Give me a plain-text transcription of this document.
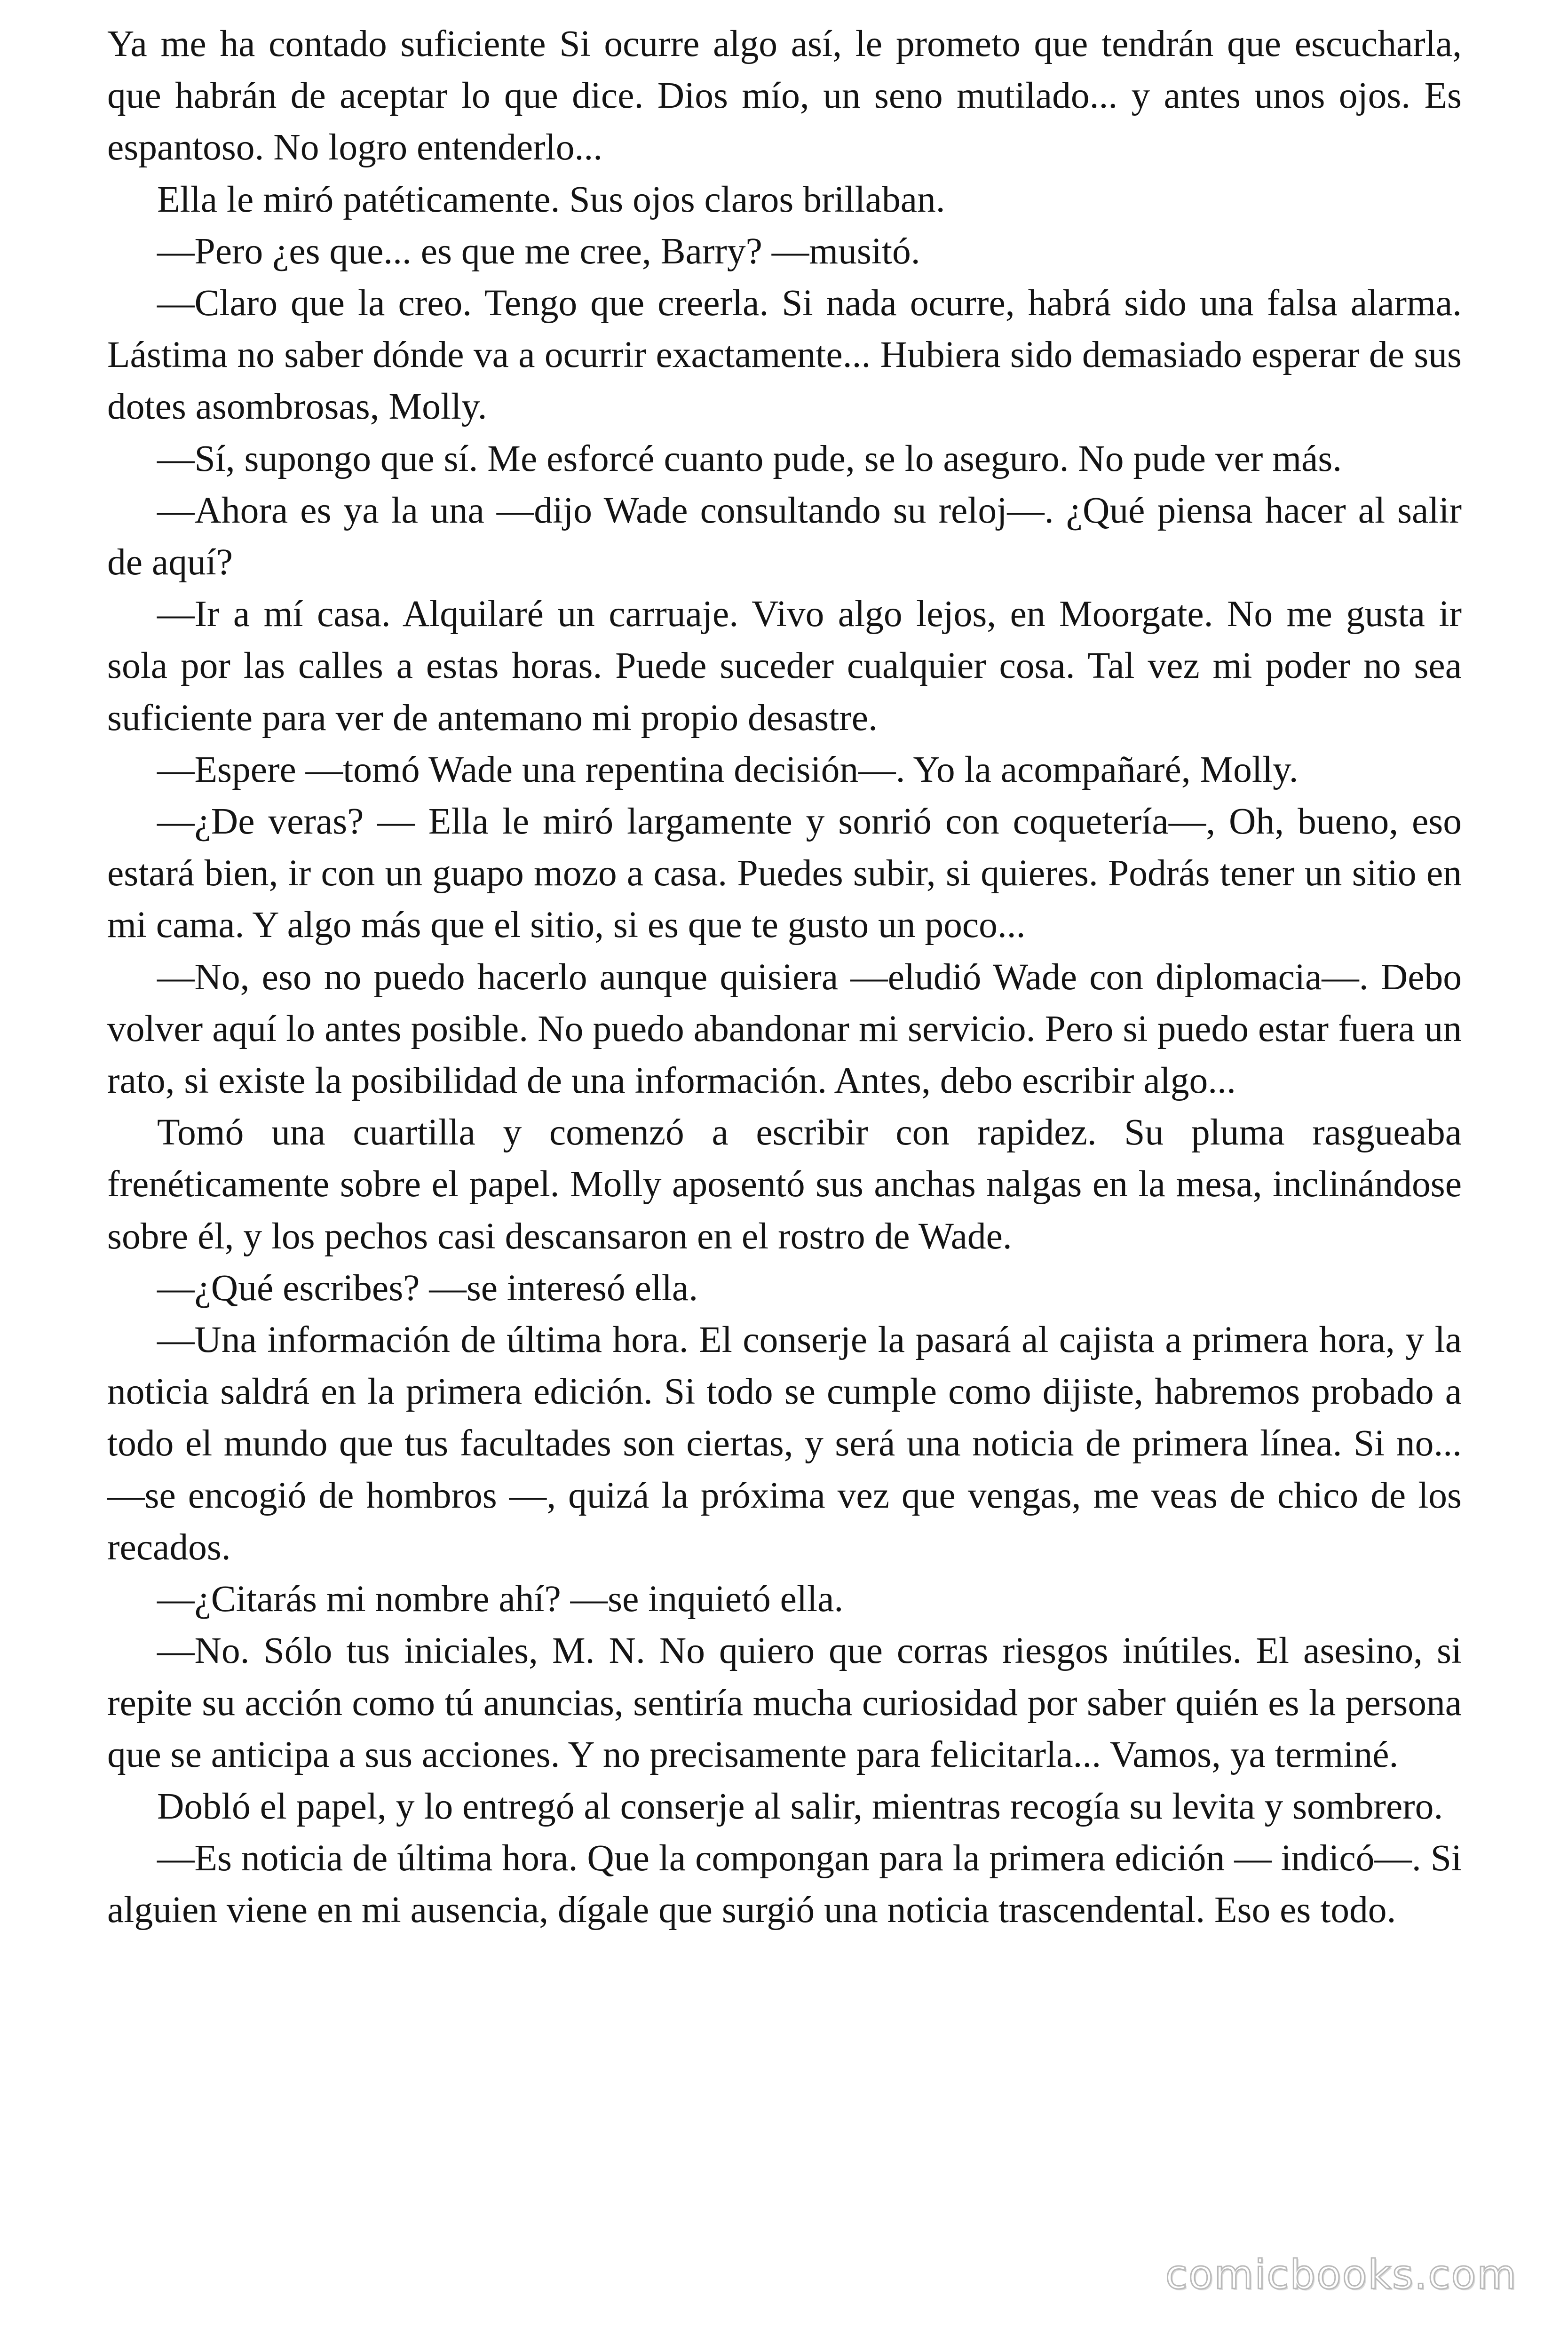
Ya me ha contado suficiente Si ocurre algo así, le prometo que tendrán que escucharla, que habrán de aceptar lo que dice. Dios mío, un seno mutilado... y antes unos ojos. Es espantoso. No logro entenderlo...

Ella le miró patéticamente. Sus ojos claros brillaban.

—Pero ¿es que... es que me cree, Barry? —musitó.

—Claro que la creo. Tengo que creerla. Si nada ocurre, habrá sido una falsa alarma. Lástima no saber dónde va a ocurrir exactamente... Hubiera sido demasiado esperar de sus dotes asombrosas, Molly.

—Sí, supongo que sí. Me esforcé cuanto pude, se lo aseguro. No pude ver más.

—Ahora es ya la una —dijo Wade consultando su reloj—. ¿Qué piensa hacer al salir de aquí?

—Ir a mí casa. Alquilaré un carruaje. Vivo algo lejos, en Moorgate. No me gusta ir sola por las calles a estas horas. Puede suceder cualquier cosa. Tal vez mi poder no sea suficiente para ver de antemano mi propio desastre.

—Espere —tomó Wade una repentina decisión—. Yo la acompañaré, Molly.

—¿De veras? — Ella le miró largamente y sonrió con coquetería—, Oh, bueno, eso estará bien, ir con un guapo mozo a casa. Puedes subir, si quieres. Podrás tener un sitio en mi cama. Y algo más que el sitio, si es que te gusto un poco...

—No, eso no puedo hacerlo aunque quisiera —eludió Wade con diplomacia—. Debo volver aquí lo antes posible. No puedo abandonar mi servicio. Pero si puedo estar fuera un rato, si existe la posibilidad de una información. Antes, debo escribir algo...

Tomó una cuartilla y comenzó a escribir con rapidez. Su pluma rasgueaba frenéticamente sobre el papel. Molly aposentó sus anchas nalgas en la mesa, inclinándose sobre él, y los pechos casi descansaron en el rostro de Wade.

—¿Qué escribes? —se interesó ella.

—Una información de última hora. El conserje la pasará al cajista a primera hora, y la noticia saldrá en la primera edición. Si todo se cumple como dijiste, habremos probado a todo el mundo que tus facultades son ciertas, y será una noticia de primera línea. Si no... —se encogió de hombros —, quizá la próxima vez que vengas, me veas de chico de los recados.

—¿Citarás mi nombre ahí? —se inquietó ella.

—No. Sólo tus iniciales, M. N. No quiero que corras riesgos inútiles. El asesino, si repite su acción como tú anuncias, sentiría mucha curiosidad por saber quién es la persona que se anticipa a sus acciones. Y no precisamente para felicitarla... Vamos, ya terminé.

Dobló el papel, y lo entregó al conserje al salir, mientras recogía su levita y sombrero.

—Es noticia de última hora. Que la compongan para la primera edición — indicó—. Si alguien viene en mi ausencia, dígale que surgió una noticia trascendental. Eso es todo.

comicbooks.com
